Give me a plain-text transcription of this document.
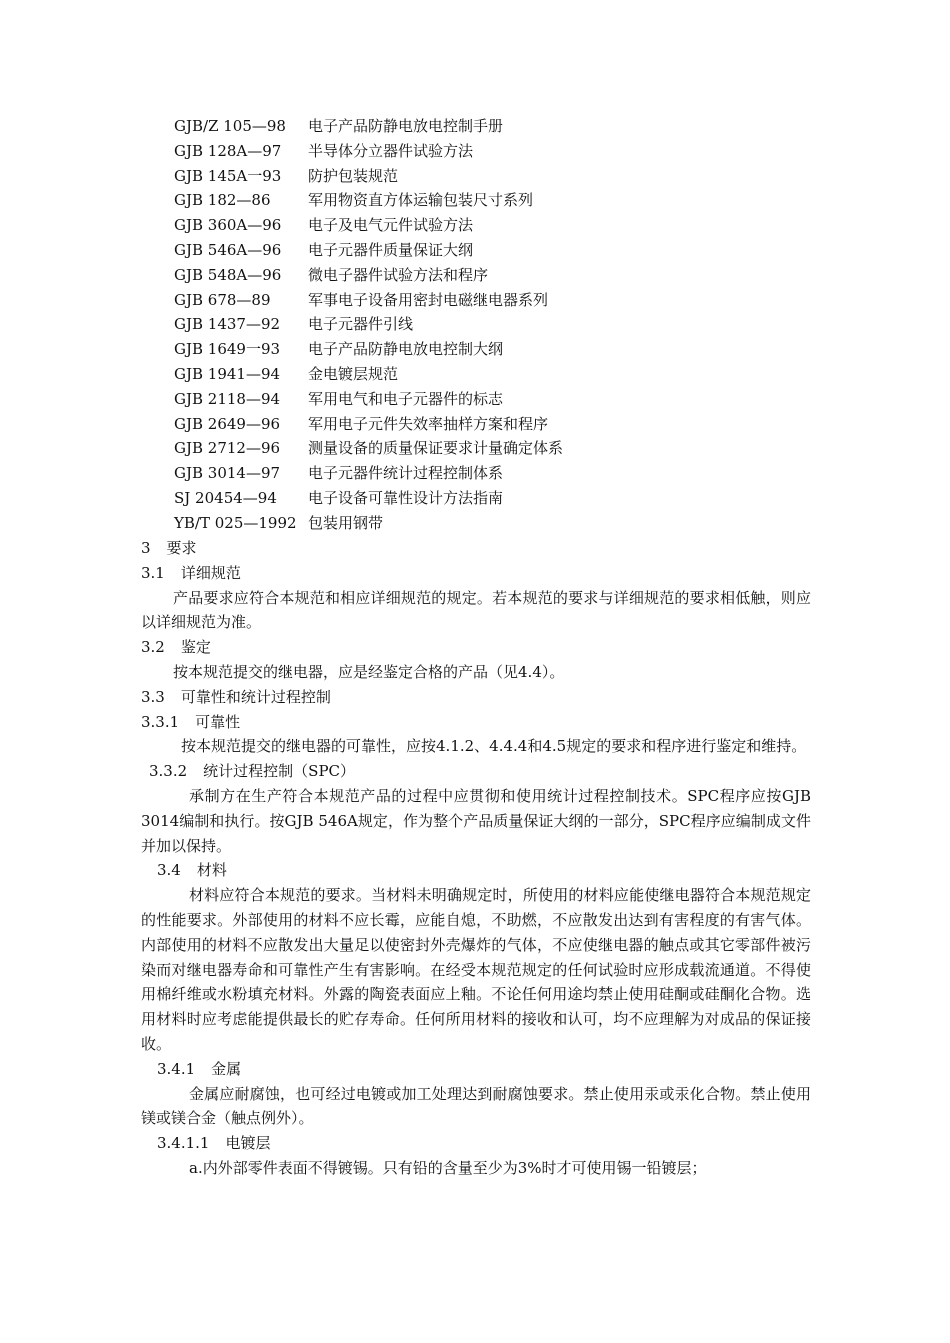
GJB/Z 105—98 电子产品防静电放电控制手册
GJB 128A—97 半导体分立器件试验方法
GJB 145A一93 防护包装规范
GJB 182—86 军用物资直方体运输包装尺寸系列
GJB 360A—96 电子及电气元件试验方法
GJB 546A—96 电子元器件质量保证大纲
GJB 548A—96 微电子器件试验方法和程序
GJB 678—89 军事电子设备用密封电磁继电器系列
GJB 1437—92 电子元器件引线
GJB 1649一93 电子产品防静电放电控制大纲
GJB 1941—94 金电镀层规范
GJB 2118—94 军用电气和电子元器件的标志
GJB 2649—96 军用电子元件失效率抽样方案和程序
GJB 2712—96 测量设备的质量保证要求计量确定体系
GJB 3014—97 电子元器件统计过程控制体系
SJ 20454—94 电子设备可靠性设计方法指南
YB/T 025—1992 包装用钢带
3 要求
3.1 详细规范
产品要求应符合本规范和相应详细规范的规定。若本规范的要求与详细规范的要求相低触，则应以详细规范为准。
3.2 鉴定
按本规范提交的继电器，应是经鉴定合格的产品（见4.4）。
3.3 可靠性和统计过程控制
3.3.1 可靠性
按本规范提交的继电器的可靠性，应按4.1.2、4.4.4和4.5规定的要求和程序进行鉴定和维持。
3.3.2 统计过程控制（SPC）
承制方在生产符合本规范产品的过程中应贯彻和使用统计过程控制技术。SPC程序应按GJB 3014编制和执行。按GJB 546A规定，作为整个产品质量保证大纲的一部分，SPC程序应编制成文件并加以保持。
3.4 材料
材料应符合本规范的要求。当材料未明确规定时，所使用的材料应能使继电器符合本规范规定的性能要求。外部使用的材料不应长霉，应能自熄，不助燃，不应散发出达到有害程度的有害气体。内部使用的材料不应散发出大量足以使密封外壳爆炸的气体，不应使继电器的触点或其它零部件被污染而对继电器寿命和可靠性产生有害影响。在经受本规范规定的任何试验时应形成载流通道。不得使用棉纤维或水粉填充材料。外露的陶瓷表面应上釉。不论任何用途均禁止使用硅酮或硅酮化合物。选用材料时应考虑能提供最长的贮存寿命。任何所用材料的接收和认可，均不应理解为对成品的保证接收。
3.4.1 金属
金属应耐腐蚀，也可经过电镀或加工处理达到耐腐蚀要求。禁止使用汞或汞化合物。禁止使用镁或镁合金（触点例外）。
3.4.1.1 电镀层
a.内外部零件表面不得镀锡。只有铅的含量至少为3%时才可使用锡一铅镀层；
